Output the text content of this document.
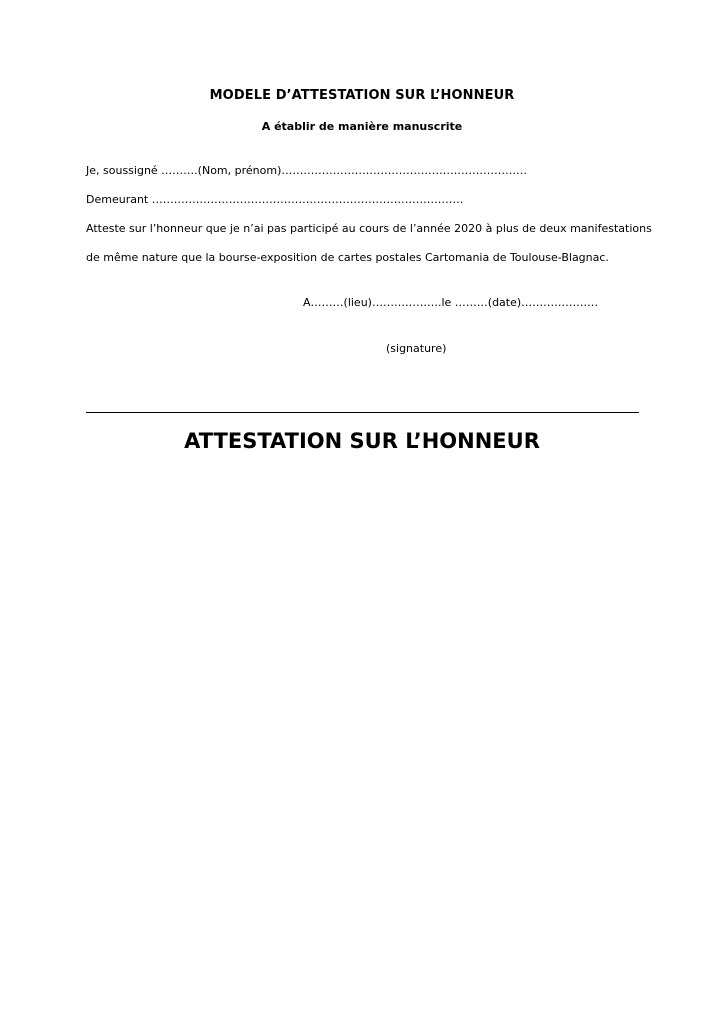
MODELE D’ATTESTATION SUR L’HONNEUR
A établir de manière manuscrite
Je, soussigné ……….(Nom, prénom)………………………………………………………….
Demeurant ………………………………………………………………………….
Atteste sur l’honneur que je n’ai pas participé au cours de l’année 2020 à plus de deux manifestations
de même nature que la bourse-exposition de cartes postales Cartomania de Toulouse-Blagnac.
A………(lieu)……………….le ………(date)…………………
(signature)
ATTESTATION SUR L’HONNEUR
